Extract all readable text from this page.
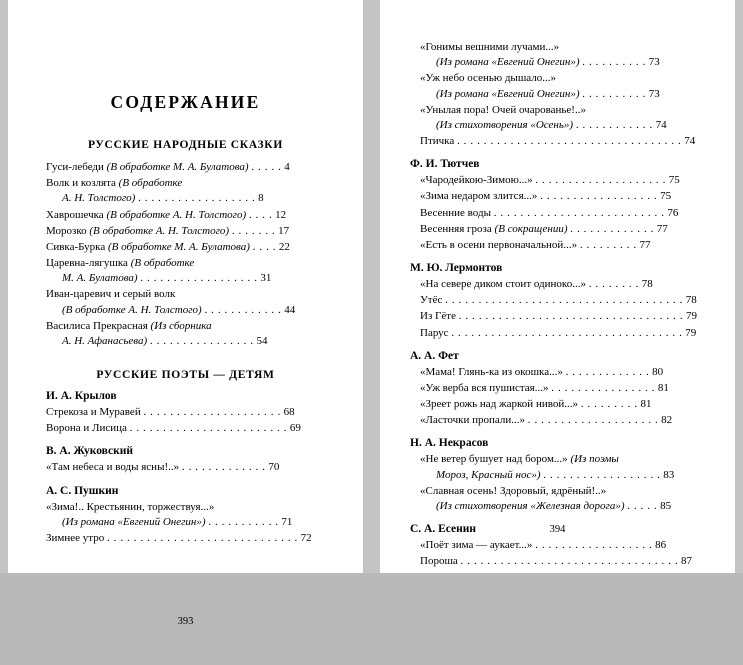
СОДЕРЖАНИЕ
РУССКИЕ НАРОДНЫЕ СКАЗКИ
Гуси-лебеди (В обработке М. А. Булатова) . . . . . 4
Волк и козлята (В обработке
А. Н. Толстого) . . . . . . . . . . . . . . . . . . 8
Хаврошечка (В обработке А. Н. Толстого) . . . . 12
Морозко (В обработке А. Н. Толстого) . . . . . . . 17
Сивка-Бурка (В обработке М. А. Булатова) . . . . 22
Царевна-лягушка (В обработке
М. А. Булатова) . . . . . . . . . . . . . . . . . . 31
Иван-царевич и серый волк
(В обработке А. Н. Толстого) . . . . . . . . . . . . 44
Василиса Прекрасная (Из сборника
А. Н. Афанасьева) . . . . . . . . . . . . . . . . 54
РУССКИЕ ПОЭТЫ — ДЕТЯМ
И. А. Крылов
Стрекоза и Муравей . . . . . . . . . . . . . . . . . . . . . 68
Ворона и Лисица . . . . . . . . . . . . . . . . . . . . . . . . 69
В. А. Жуковский
«Там небеса и воды ясны!..» . . . . . . . . . . . . . 70
А. С. Пушкин
«Зима!.. Крестьянин, торжествуя...»
(Из романа «Евгений Онегин») . . . . . . . . . . . 71
Зимнее утро . . . . . . . . . . . . . . . . . . . . . . . . . . . . . 72
393
«Гонимы вешними лучами...»
(Из романа «Евгений Онегин») . . . . . . . . . . 73
«Уж небо осенью дышало...»
(Из романа «Евгений Онегин») . . . . . . . . . . 73
«Унылая пора! Очей очарованье!..»
(Из стихотворения «Осень») . . . . . . . . . . . . 74
Птичка . . . . . . . . . . . . . . . . . . . . . . . . . . . . . . . . . . 74
Ф. И. Тютчев
«Чародейкою-Зимою...» . . . . . . . . . . . . . . . . . . . . 75
«Зима недаром злится...» . . . . . . . . . . . . . . . . . . 75
Весенние воды . . . . . . . . . . . . . . . . . . . . . . . . . . 76
Весенняя гроза (В сокращении) . . . . . . . . . . . . . 77
«Есть в осени первоначальной...» . . . . . . . . . 77
М. Ю. Лермонтов
«На севере диком стоит одиноко...» . . . . . . . . 78
Утёс . . . . . . . . . . . . . . . . . . . . . . . . . . . . . . . . . . . . 78
Из Гёте . . . . . . . . . . . . . . . . . . . . . . . . . . . . . . . . . . 79
Парус . . . . . . . . . . . . . . . . . . . . . . . . . . . . . . . . . . . 79
А. А. Фет
«Мама! Глянь-ка из окошка...» . . . . . . . . . . . . . 80
«Уж верба вся пушистая...» . . . . . . . . . . . . . . . . 81
«Зреет рожь над жаркой нивой...» . . . . . . . . . 81
«Ласточки пропали...» . . . . . . . . . . . . . . . . . . . . 82
Н. А. Некрасов
«Не ветер бушует над бором...» (Из поэмы
Мороз, Красный нос») . . . . . . . . . . . . . . . . . . 83
«Славная осень! Здоровый, ядрёный!..»
(Из стихотворения «Железная дорога») . . . . . 85
С. А. Есенин
«Поёт зима — аукает...» . . . . . . . . . . . . . . . . . . 86
Пороша . . . . . . . . . . . . . . . . . . . . . . . . . . . . . . . . . 87
394
